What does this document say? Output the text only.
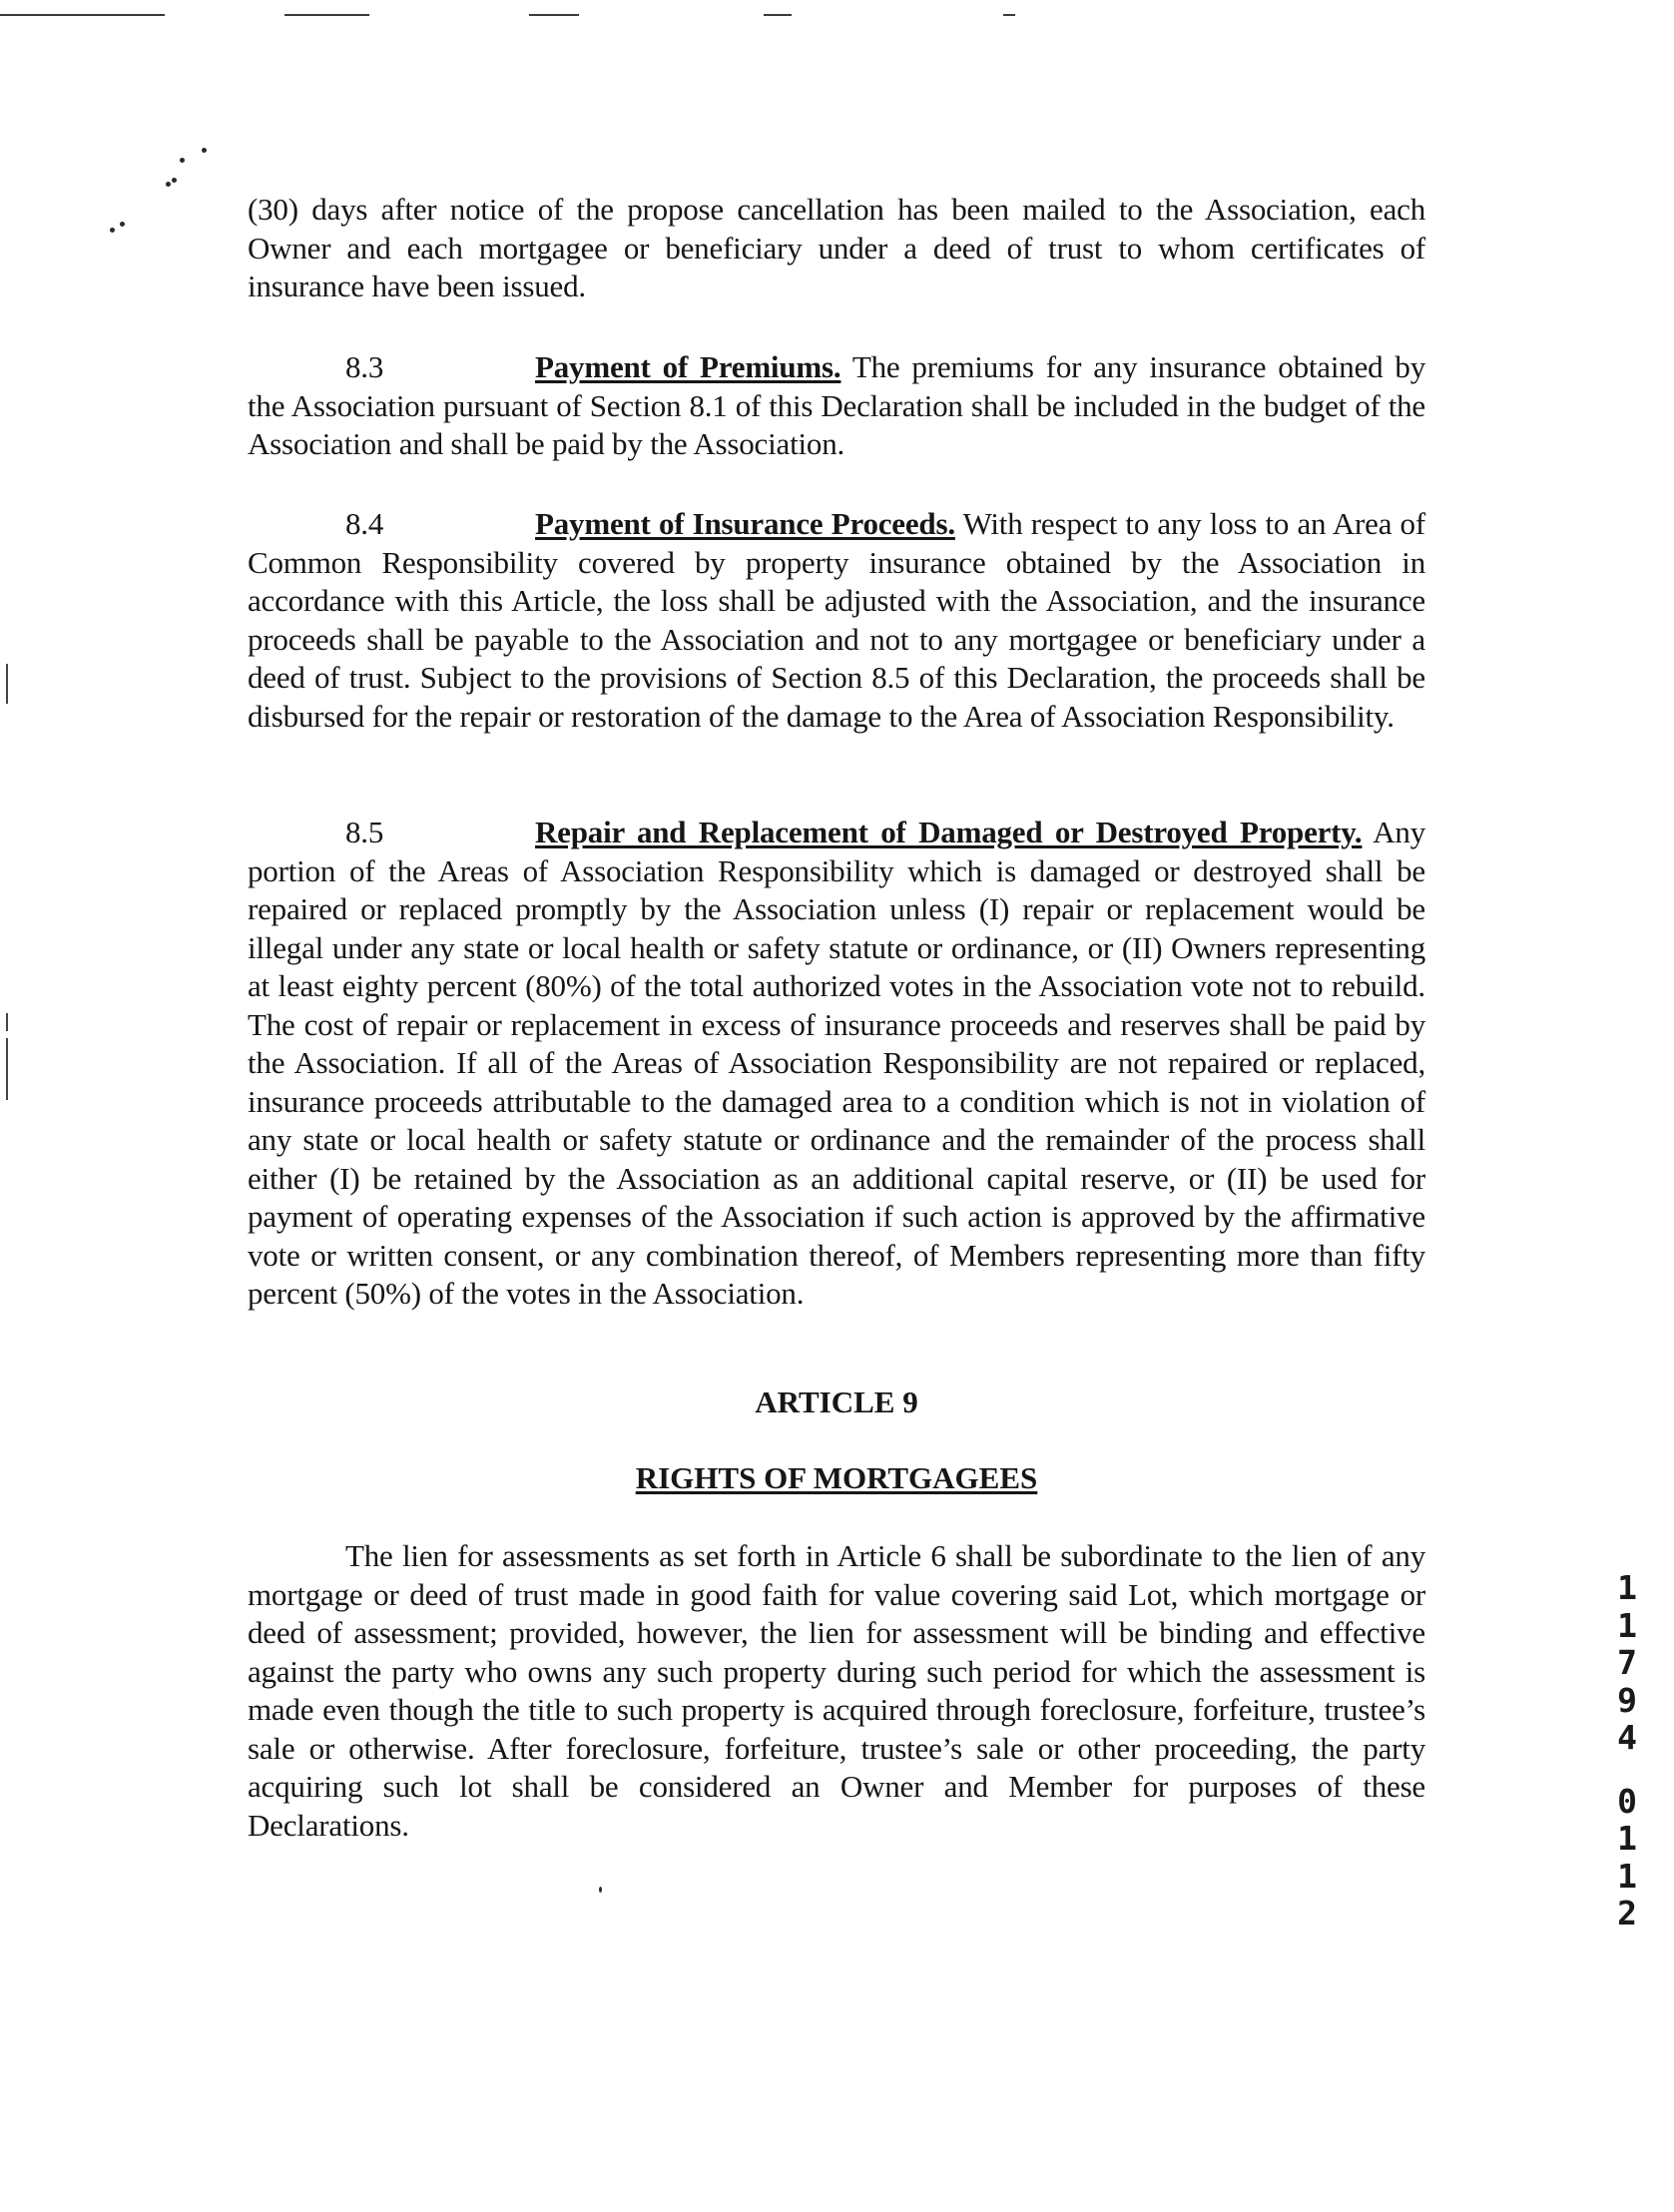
(30) days after notice of the propose cancellation has been mailed to the Association, each Owner and each mortgagee or beneficiary under a deed of trust to whom certificates of insurance have been issued.

8.3	Payment of Premiums. The premiums for any insurance obtained by the Association pursuant of Section 8.1 of this Declaration shall be included in the budget of the Association and shall be paid by the Association.

8.4	Payment of Insurance Proceeds. With respect to any loss to an Area of Common Responsibility covered by property insurance obtained by the Association in accordance with this Article, the loss shall be adjusted with the Association, and the insurance proceeds shall be payable to the Association and not to any mortgagee or beneficiary under a deed of trust. Subject to the provisions of Section 8.5 of this Declaration, the proceeds shall be disbursed for the repair or restoration of the damage to the Area of Association Responsibility.

8.5	Repair and Replacement of Damaged or Destroyed Property. Any portion of the Areas of Association Responsibility which is damaged or destroyed shall be repaired or replaced promptly by the Association unless (I) repair or replacement would be illegal under any state or local health or safety statute or ordinance, or (II) Owners representing at least eighty percent (80%) of the total authorized votes in the Association vote not to rebuild. The cost of repair or replacement in excess of insurance proceeds and reserves shall be paid by the Association. If all of the Areas of Association Responsibility are not repaired or replaced, insurance proceeds attributable to the damaged area to a condition which is not in violation of any state or local health or safety statute or ordinance and the remainder of the process shall either (I) be retained by the Association as an additional capital reserve, or (II) be used for payment of operating expenses of the Association if such action is approved by the affirmative vote or written consent, or any combination thereof, of Members representing more than fifty percent (50%) of the votes in the Association.

ARTICLE 9
RIGHTS OF MORTGAGEES

The lien for assessments as set forth in Article 6 shall be subordinate to the lien of any mortgage or deed of trust made in good faith for value covering said Lot, which mortgage or deed of assessment; provided, however, the lien for assessment will be binding and effective against the party who owns any such property during such period for which the assessment is made even though the title to such property is acquired through foreclosure, forfeiture, trustee’s sale or otherwise. After foreclosure, forfeiture, trustee’s sale or other proceeding, the party acquiring such lot shall be considered an Owner and Member for purposes of these Declarations.

1
1
7
9
4
0
1
1
2
